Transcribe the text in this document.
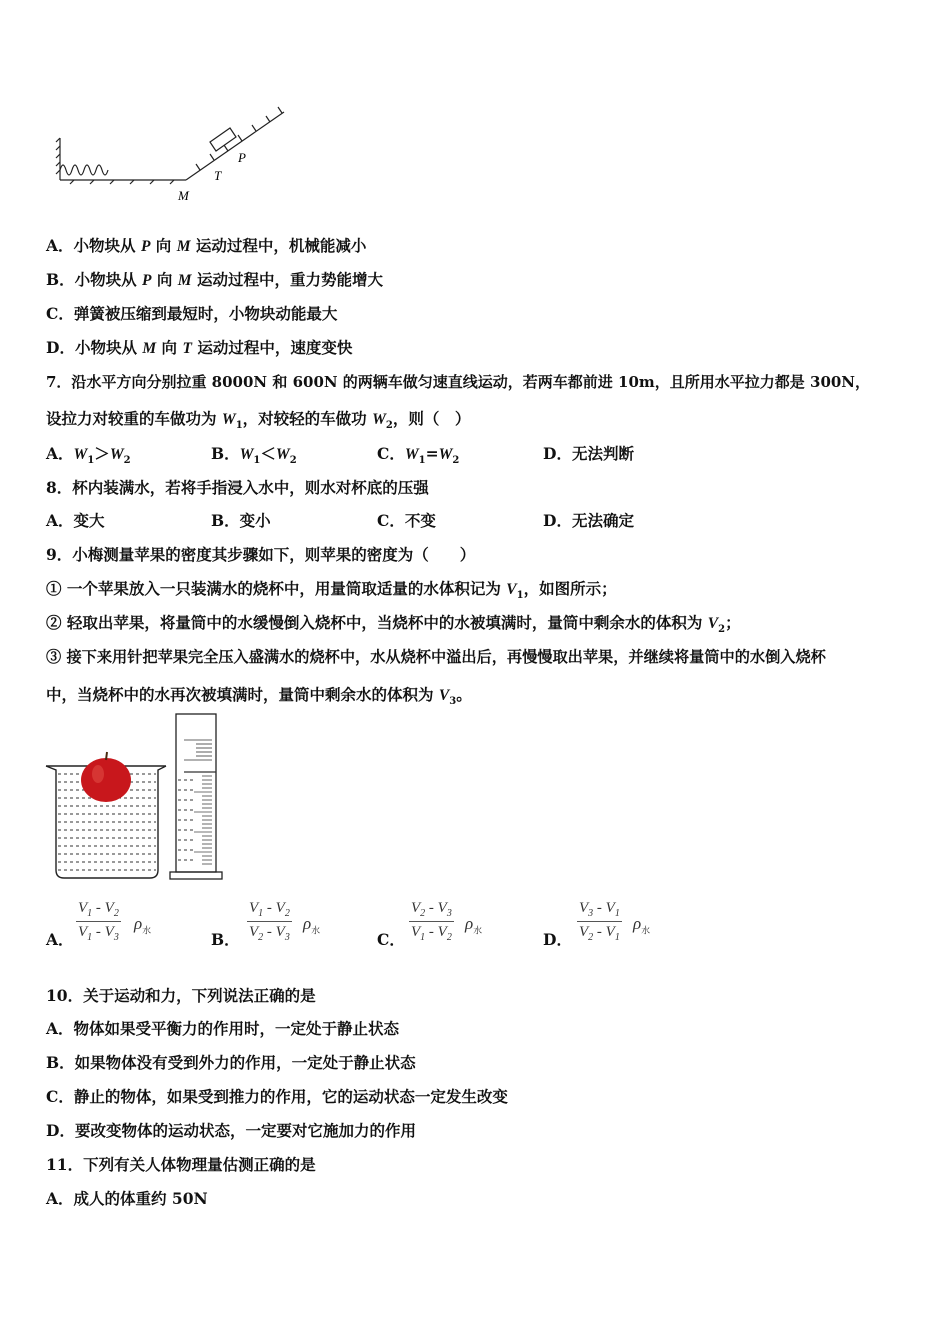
P
T
M
A．小物块从 P 向 M 运动过程中，机械能减小
B．小物块从 P 向 M 运动过程中，重力势能增大
C．弹簧被压缩到最短时，小物块动能最大
D．小物块从 M 向 T 运动过程中，速度变快
7．沿水平方向分别拉重 8000N 和 600N 的两辆车做匀速直线运动，若两车都前进 10m，且所用水平拉力都是 300N，
设拉力对较重的车做功为 $W_1$，对较轻的车做功 $W_2$，则（　）
A．$W_1>W_2$	B．$W_1<W_2$	C．$W_1=W_2$	D．无法判断
8．杯内装满水，若将手指浸入水中，则水对杯底的压强
A．变大	B．变小	C．不变	D．无法确定
9．小梅测量苹果的密度其步骤如下，则苹果的密度为（　　）
① 一个苹果放入一只装满水的烧杯中，用量筒取适量的水体积记为 $V_1$，如图所示；
② 轻取出苹果，将量筒中的水缓慢倒入烧杯中，当烧杯中的水被填满时，量筒中剩余水的体积为 $V_2$；
③ 接下来用针把苹果完全压入盛满水的烧杯中，水从烧杯中溢出后，再慢慢取出苹果，并继续将量筒中的水倒入烧杯
中，当烧杯中的水再次被填满时，量筒中剩余水的体积为 $V_3$。
A．
$V_1 - V_2$
$V_1 - V_3$
$\rho_水$	B．
$V_1 - V_2$
$V_2 - V_3$
$\rho_水$	C．
$V_2 - V_3$
$V_1 - V_2$
$\rho_水$	D．
$V_3 - V_1$
$V_2 - V_1$
$\rho_水$
10．关于运动和力，下列说法正确的是
A．物体如果受平衡力的作用时，一定处于静止状态
B．如果物体没有受到外力的作用，一定处于静止状态
C．静止的物体，如果受到推力的作用，它的运动状态一定发生改变
D．要改变物体的运动状态，一定要对它施加力的作用
11．下列有关人体物理量估测正确的是
A．成人的体重约 50N
